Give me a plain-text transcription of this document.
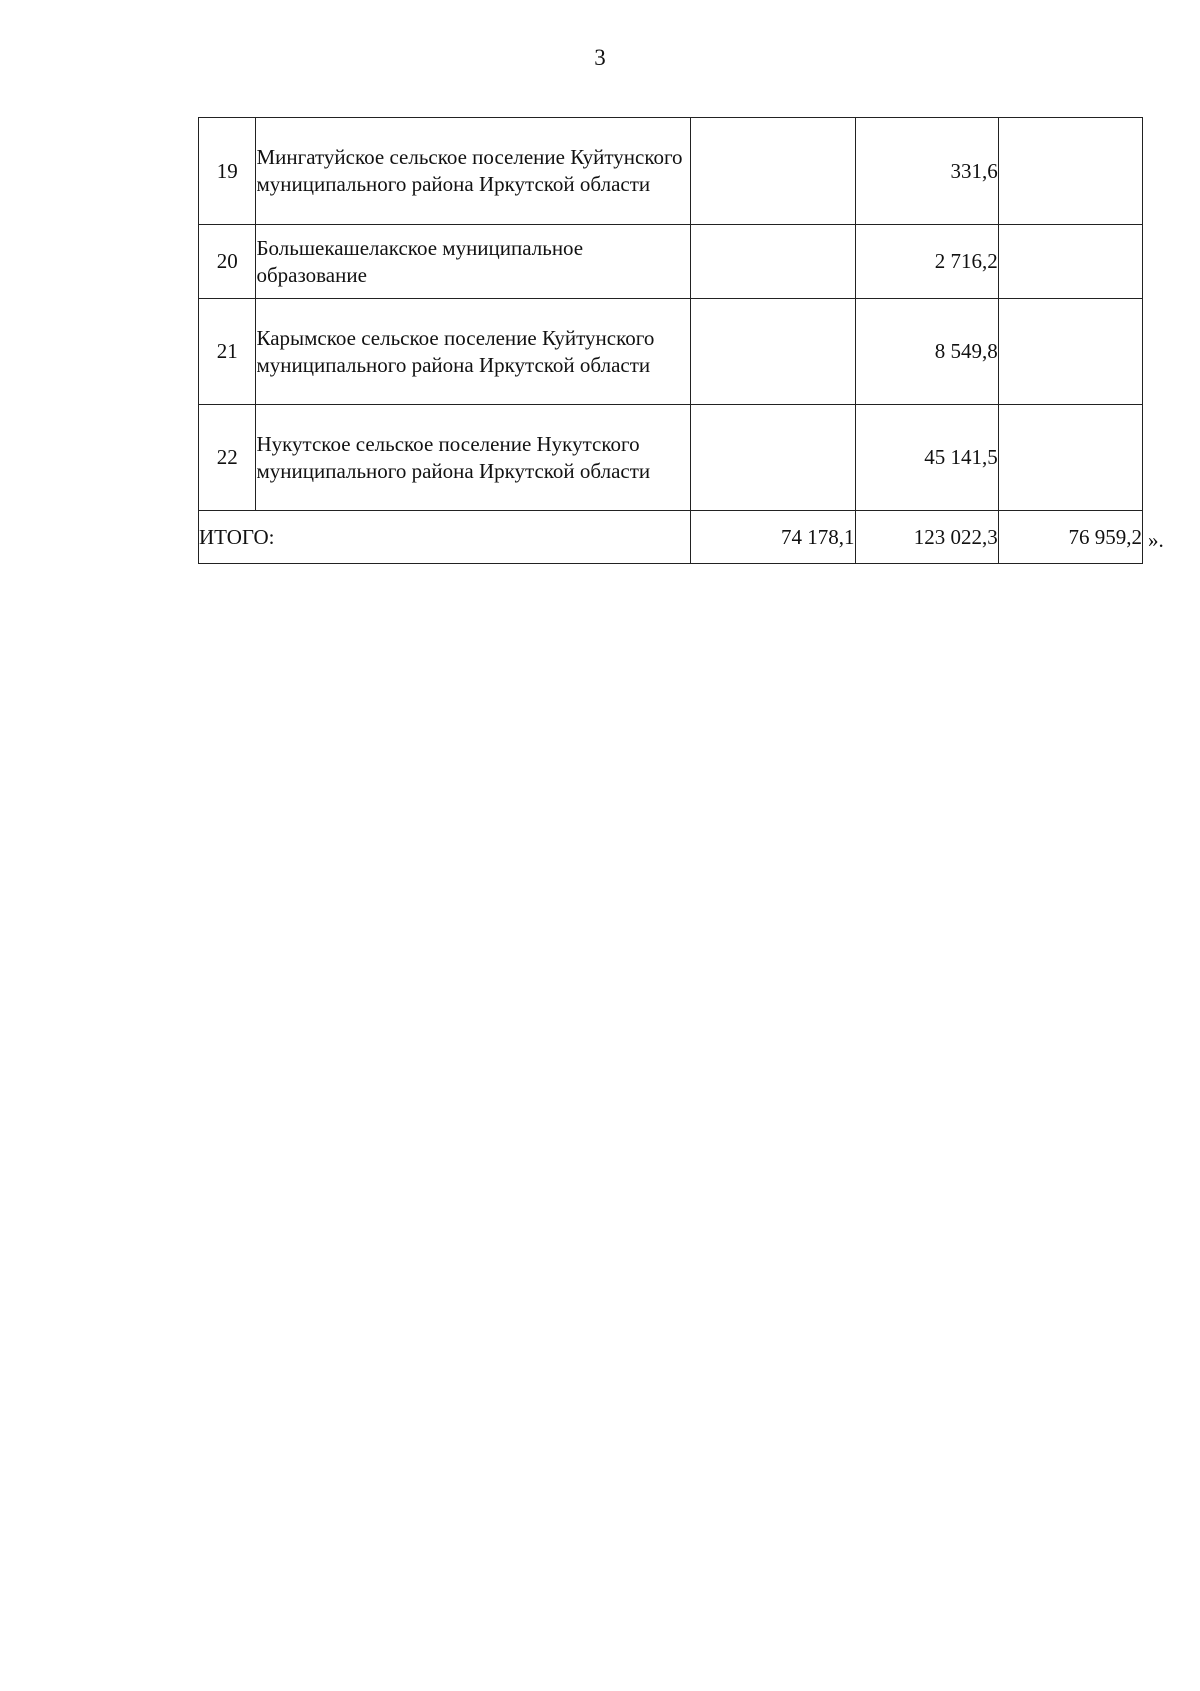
3
19	Мингатуйское сельское поселение Куйтунского муниципального района Иркутской области		331,6	
20	Большекашелакское муниципальное образование		2 716,2	
21	Карымское сельское поселение Куйтунского муниципального района Иркутской области		8 549,8	
22	Нукутское сельское поселение Нукутского муниципального района Иркутской области		45 141,5	
ИТОГО:		74 178,1	123 022,3	76 959,2 ».
